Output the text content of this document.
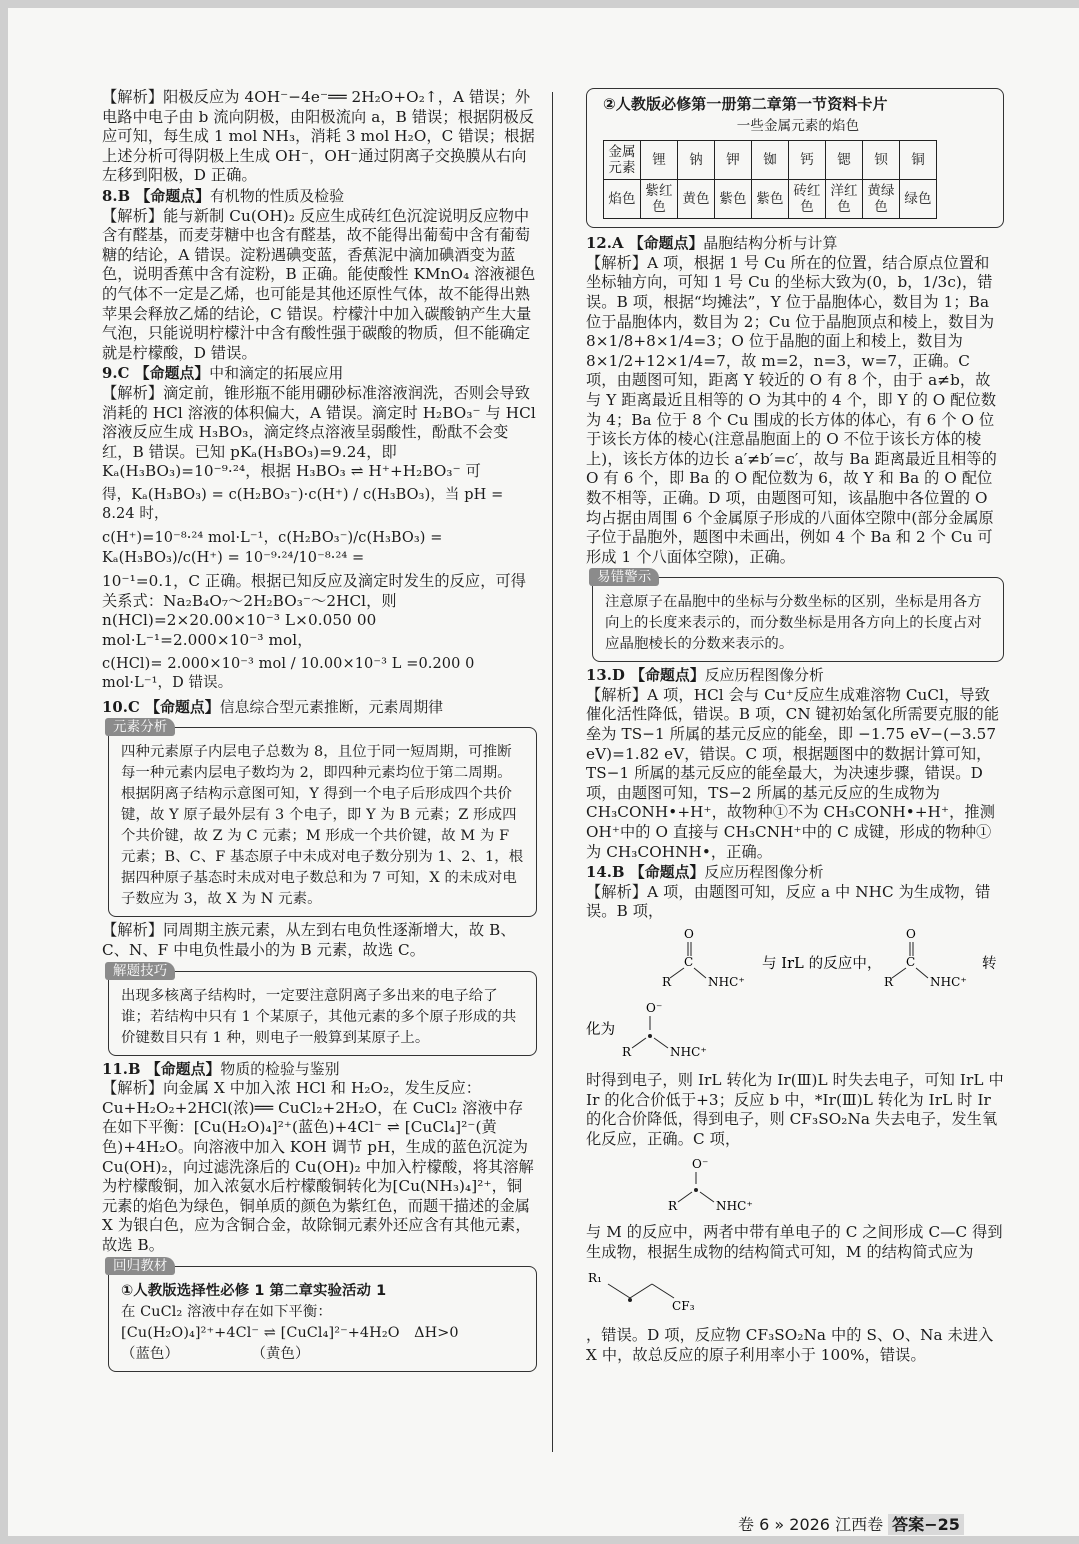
【解析】阳极反应为 4OH⁻−4e⁻══ 2H₂O+O₂↑，A 错误；外电路中电子由 b 流向阴极，由阳极流向 a，B 错误；根据阴极反应可知，每生成 1 mol NH₃，消耗 3 mol H₂O，C 错误；根据上述分析可得阴极上生成 OH⁻，OH⁻通过阴离子交换膜从右向左移到阳极，D 正确。

8.B 【命题点】有机物的性质及检验

【解析】能与新制 Cu(OH)₂ 反应生成砖红色沉淀说明反应物中含有醛基，而麦芽糖中也含有醛基，故不能得出葡萄中含有葡萄糖的结论，A 错误。淀粉遇碘变蓝，香蕉泥中滴加碘酒变为蓝色，说明香蕉中含有淀粉，B 正确。能使酸性 KMnO₄ 溶液褪色的气体不一定是乙烯，也可能是其他还原性气体，故不能得出熟苹果会释放乙烯的结论，C 错误。柠檬汁中加入碳酸钠产生大量气泡，只能说明柠檬汁中含有酸性强于碳酸的物质，但不能确定就是柠檬酸，D 错误。

9.C 【命题点】中和滴定的拓展应用

【解析】滴定前，锥形瓶不能用硼砂标准溶液润洗，否则会导致消耗的 HCl 溶液的体积偏大，A 错误。滴定时 H₂BO₃⁻ 与 HCl 溶液反应生成 H₃BO₃，滴定终点溶液呈弱酸性，酚酞不会变红，B 错误。已知 pKₐ(H₃BO₃)=9.24，即 Kₐ(H₃BO₃)=10⁻⁹·²⁴，根据 H₃BO₃ ⇌ H⁺+H₂BO₃⁻ 可

得，Kₐ(H₃BO₃) = c(H₂BO₃⁻)·c(H⁺) / c(H₃BO₃)，当 pH = 8.24 时，

c(H⁺)=10⁻⁸·²⁴ mol·L⁻¹，c(H₂BO₃⁻)/c(H₃BO₃) = Kₐ(H₃BO₃)/c(H⁺) = 10⁻⁹·²⁴/10⁻⁸·²⁴ =

10⁻¹=0.1，C 正确。根据已知反应及滴定时发生的反应，可得关系式：Na₂B₄O₇～2H₂BO₃⁻～2HCl，则 n(HCl)=2×20.00×10⁻³ L×0.050 00 mol·L⁻¹=2.000×10⁻³ mol，

c(HCl)= 2.000×10⁻³ mol / 10.00×10⁻³ L =0.200 0 mol·L⁻¹，D 错误。

10.C 【命题点】信息综合型元素推断，元素周期律
元素分析

四种元素原子内层电子总数为 8，且位于同一短周期，可推断每一种元素内层电子数均为 2，即四种元素均位于第二周期。根据阴离子结构示意图可知，Y 得到一个电子后形成四个共价键，故 Y 原子最外层有 3 个电子，即 Y 为 B 元素；Z 形成四个共价键，故 Z 为 C 元素；M 形成一个共价键，故 M 为 F 元素；B、C、F 基态原子中未成对电子数分别为 1、2、1，根据四种原子基态时未成对电子数总和为 7 可知，X 的未成对电子数应为 3，故 X 为 N 元素。

【解析】同周期主族元素，从左到右电负性逐渐增大，故 B、C、N、F 中电负性最小的为 B 元素，故选 C。

解题技巧

出现多核离子结构时，一定要注意阴离子多出来的电子给了谁；若结构中只有 1 个某原子，其他元素的多个原子形成的共价键数目只有 1 种，则电子一般算到某原子上。

11.B 【命题点】物质的检验与鉴别

【解析】向金属 X 中加入浓 HCl 和 H₂O₂，发生反应：Cu+H₂O₂+2HCl(浓)══ CuCl₂+2H₂O，在 CuCl₂ 溶液中存在如下平衡：[Cu(H₂O)₄]²⁺(蓝色)+4Cl⁻ ⇌ [CuCl₄]²⁻(黄色)+4H₂O。向溶液中加入 KOH 调节 pH，生成的蓝色沉淀为 Cu(OH)₂，向过滤洗涤后的 Cu(OH)₂ 中加入柠檬酸，将其溶解为柠檬酸铜，加入浓氨水后柠檬酸铜转化为[Cu(NH₃)₄]²⁺，铜元素的焰色为绿色，铜单质的颜色为紫红色，而题干描述的金属 X 为银白色，应为含铜合金，故除铜元素外还应含有其他元素，故选 B。

回归教材

①人教版选择性必修 1 第二章实验活动 1

在 CuCl₂ 溶液中存在如下平衡：

[Cu(H₂O)₄]²⁺+4Cl⁻ ⇌ [CuCl₄]²⁻+4H₂O　ΔH>0

（蓝色）　　　　　　（黄色）

②人教版必修第一册第二章第一节资料卡片

一些金属元素的焰色

金属元素	锂	钠	钾	铷	钙	锶	钡	铜
焰色	紫红色	黄色	紫色	紫色	砖红色	洋红色	黄绿色	绿色
12.A 【命题点】晶胞结构分析与计算

【解析】A 项，根据 1 号 Cu 所在的位置，结合原点位置和坐标轴方向，可知 1 号 Cu 的坐标大致为(0，b，1/3c)，错误。B 项，根据“均摊法”，Y 位于晶胞体心，数目为 1；Ba 位于晶胞体内，数目为 2；Cu 位于晶胞顶点和棱上，数目为 8×1/8+8×1/4=3；O 位于晶胞的面上和棱上，数目为 8×1/2+12×1/4=7，故 m=2，n=3，w=7，正确。C 项，由题图可知，距离 Y 较近的 O 有 8 个，由于 a≠b，故与 Y 距离最近且相等的 O 为其中的 4 个，即 Y 的 O 配位数为 4；Ba 位于 8 个 Cu 围成的长方体的体心，有 6 个 O 位于该长方体的棱心(注意晶胞面上的 O 不位于该长方体的棱上)，该长方体的边长 a′≠b′=c′，故与 Ba 距离最近且相等的 O 有 6 个，即 Ba 的 O 配位数为 6，故 Y 和 Ba 的 O 配位数不相等，正确。D 项，由题图可知，该晶胞中各位置的 O 均占据由周围 6 个金属原子形成的八面体空隙中(部分金属原子位于晶胞外，题图中未画出，例如 4 个 Ba 和 2 个 Cu 可形成 1 个八面体空隙)，正确。

易错警示

注意原子在晶胞中的坐标与分数坐标的区别，坐标是用各方向上的长度来表示的，而分数坐标是用各方向上的长度占对应晶胞棱长的分数来表示的。

13.D 【命题点】反应历程图像分析

【解析】A 项，HCl 会与 Cu⁺反应生成难溶物 CuCl，导致催化活性降低，错误。B 项，CN 键初始氢化所需要克服的能垒为 TS−1 所属的基元反应的能垒，即 −1.75 eV−(−3.57 eV)=1.82 eV，错误。C 项，根据题图中的数据计算可知，TS−1 所属的基元反应的能垒最大，为决速步骤，错误。D 项，由题图可知，TS−2 所属的基元反应的生成物为 CH₃CONH•+H⁺，故物种①不为 CH₃CONH•+H⁺，推测 OH⁺中的 O 直接与 CH₃CNH⁺中的 C 成键，形成的物种①为 CH₃COHNH•，正确。

14.B 【命题点】反应历程图像分析

【解析】A 项，由题图可知，反应 a 中 NHC 为生成物，错误。B 项，

O
C
R	NHC⁺
与 IrL 的反应中，
O
C
R	NHC⁺
转
化为
O⁻
R	NHC⁺

时得到电子，则 IrL 转化为 Ir(Ⅲ)L 时失去电子，可知 IrL 中 Ir 的化合价低于+3；反应 b 中，*Ir(Ⅲ)L 转化为 IrL 时 Ir 的化合价降低，得到电子，则 CF₃SO₂Na 失去电子，发生氧化反应，正确。C 项，

O⁻
R	NHC⁺

与 M 的反应中，两者中带有单电子的 C 之间形成 C—C 得到生成物，根据生成物的结构简式可知，M 的结构简式应为

R₁
CF₃

，错误。D 项，反应物 CF₃SO₂Na 中的 S、O、Na 未进入 X 中，故总反应的原子利用率小于 100%，错误。

卷 6 » 2026 江西卷 答案−25
